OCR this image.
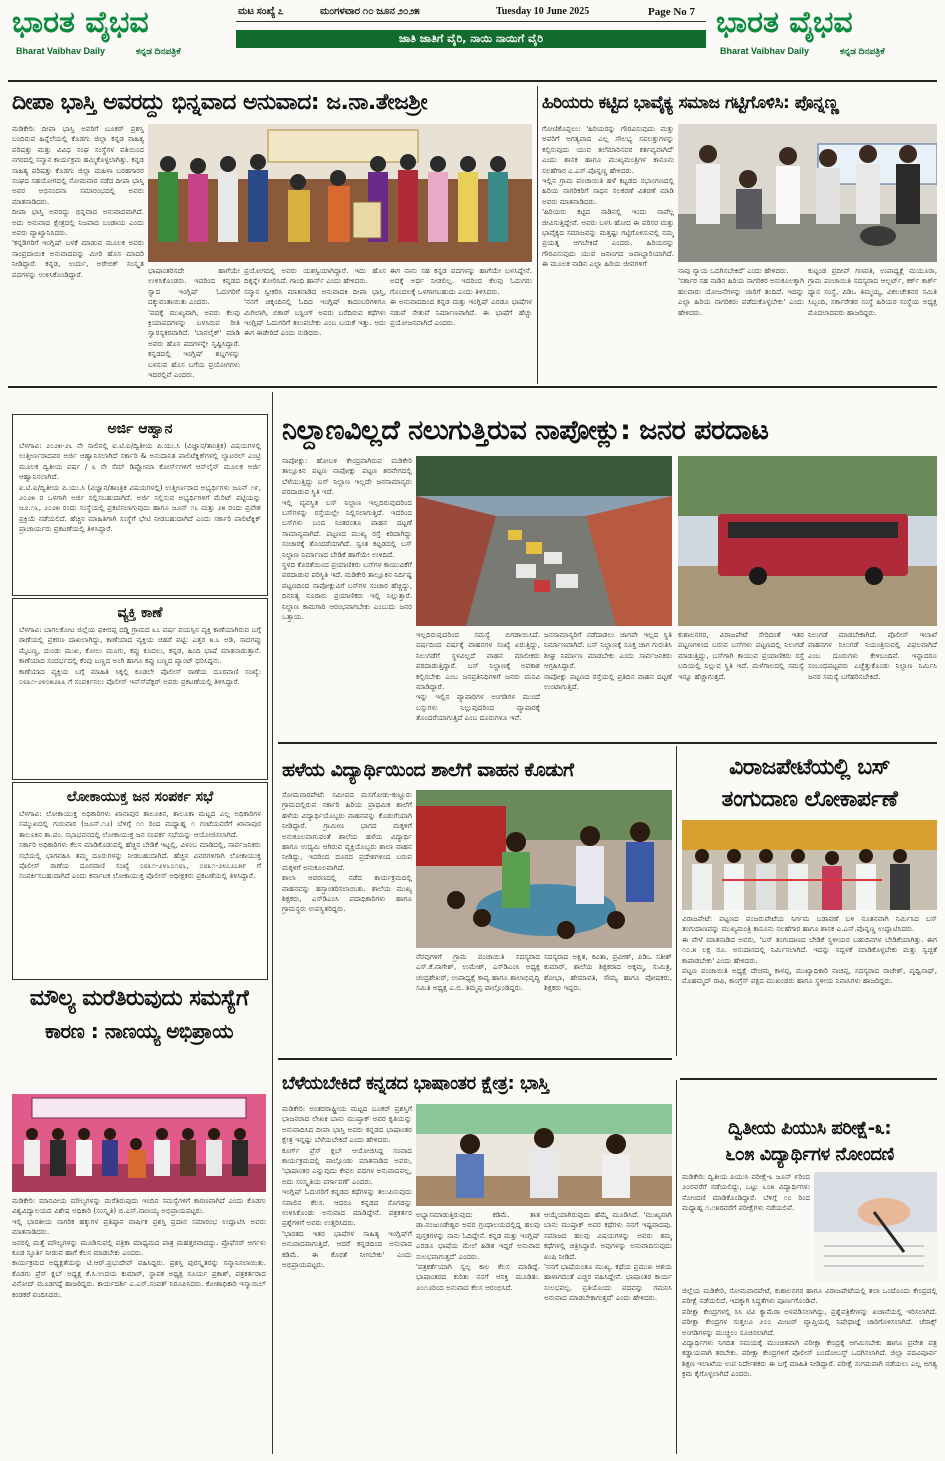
ಭಾರತ ವೈಭವ
Bharat Vaibhav Daily	ಕನ್ನಡ ದಿನಪತ್ರಿಕೆ
ಮಟ ಸಂಖ್ಯೆ ೭	ಮಂಗಳವಾರ ೧೦ ಜೂನ ೨೦೨೫	Tuesday 10 June 2025	Page No 7
ಜಾತಿ ಜಾತಿಗೆ ವೈರಿ, ನಾಯಿ ನಾಯಿಗೆ ವೈರಿ	ಭಾರತ ವೈಭವ
Bharat Vaibhav Daily	ಕನ್ನಡ ದಿನಪತ್ರಿಕೆ
ದೀಪಾ ಭಾಸ್ತಿ ಅವರದ್ದು ಭಿನ್ನವಾದ ಅನುವಾದ: ಜ.ನಾ.ತೇಜಶ್ರೀ
ಮಡಿಕೇರಿ: ದೀಪಾ ಭಾಸ್ತಿ ಅವರಿಗೆ ಬೂಕರ್ ಪ್ರಶಸ್ತಿ ಬಂದಿರುವ ಹಿನ್ನೆಲೆಯಲ್ಲಿ ಕೊಡಗು ಜಿಲ್ಲಾ ಕನ್ನಡ ಸಾಹಿತ್ಯ ಪರಿಷತ್ತು ಮತ್ತು ವಿವಿಧ ಸಂಘ ಸಂಸ್ಥೆಗಳ ವತಿಯಿಂದ ನಗರದಲ್ಲಿ ಸನ್ಮಾನ ಕಾರ್ಯಕ್ರಮ ಹಮ್ಮಿಕೊಳ್ಳಲಾಗಿತ್ತು. ಕನ್ನಡ ಸಾಹಿತ್ಯ ಪರಿಷತ್ತು ಕೊಡಗು ಜಿಲ್ಲಾ ಮಹಿಳಾ ಬರಹಗಾರರ ಸಂಘದ ಸಹಯೋಗದಲ್ಲಿ ಸೋಮವಾರ ನಡೆದ ದೀಪಾ ಭಾಸ್ತಿ ಅವರ ಅಭಿನಂದನಾ ಸಮಾರಂಭದಲ್ಲಿ ಅವರು ಮಾತನಾಡಿದರು.
ದೀಪಾ ಭಾಸ್ತಿ ಅವರದ್ದು ಭಿನ್ನವಾದ ಅನುವಾದವಾಗಿದೆ. ಅದು ಅನುವಾದ ಕ್ಷೇತ್ರದಲ್ಲಿ ನಿಜವಾದ ಬಂಡಾಯ ಎಂದು ಅವರು ವ್ಯಾಖ್ಯಾನಿಸಿದರು.
'ಕನ್ನಡಿಗರಿಗೆ ಇಂಗ್ಲಿಷ್ ಬಳಕೆ ಮಾಡುವ ಮೂಲಕ ಅವರು ಸಾಂಪ್ರದಾಯಿಕ ಅನುವಾದವನ್ನು ಮೀರಿ ಹೊಸ ಮಾದರಿ ನೀಡಿದ್ದಾರೆ. ಕನ್ನಡ, ಉರ್ದು, ಅರೇಬಿಕ್ ಸಂಸ್ಕೃತ ಪದಗಳನ್ನು ಉಳಿಸಿಕೊಂಡಿದ್ದಾರೆ.	ಭಾಷಾಂತರಿಸದೇ ಹಾಗೆಯೇ ಉಳಿಸಿಕೊಂಡರು. ಇದರಿಂದ ಕನ್ನಡದ ಸ್ವಾದ ಇಂಗ್ಲಿಷ್ ಓದುಗರಿಗೆ ದಕ್ಕುವಂತಾಯಿತು ಎಂದರು.
'ಪದಕ್ಕೆ ಮುಖ್ಯವಾಗಿ, ಅವರು ಕೆಲವು ಕ್ರಿಯಾಪದಗಳನ್ನು ಬಳಸಿರುವ ರೀತಿ ಸ್ವಾರಸ್ಯಕರವಾಗಿದೆ. 'ಬಾನಲೈಕ್' ಮಾಡಿ ಅವರು ಹೊಸ ಪದಗಳನ್ನೇ ಸೃಷ್ಟಿಸಿದ್ದಾರೆ. ಕನ್ನಡದಲ್ಲಿ ಇಂಗ್ಲಿಷ್ ಶಬ್ದಗಳನ್ನು ಬಳಸುವ ಹೊಸ ಬಗೆಯ ಪ್ರಯೋಗಗಳು ಇದರಲ್ಲಿವೆ ಎಂದರು.
ಪ್ರಯೋಗದಲ್ಲಿ ಅವರು ಯಶಸ್ವಿಯಾಗಿದ್ದಾರೆ. ಇದು ಹೊಸ ದಿಕ್ಕನ್ನೇ ತೋರಿಸಿದೆ. ಗಾಂಧಿ ಹಾರ್ನ್ ಎಂದು ಹೇಳಿದರು.
ಸನ್ಮಾನ ಸ್ವೀಕರಿಸಿ ಮಾತನಾಡಿದ ಅನುವಾದಕಿ ದೀಪಾ ಭಾಸ್ತಿ, 'ನನಗೆ ಚಿಕ್ಕಂದಿನಲ್ಲಿ ಓದಿದ ಇಂಗ್ಲಿಷ್ ಕಾದಂಬರಿಗಳಿಗೂ ಮಿಗಿಲಾಗಿ, ಬಿಕಾರ್ ಬಸ್ಟಿಂಗ್ ಅವರು ಬರೆದಿರುವ ಕಥೆಗಳು ಇಂಗ್ಲಿಷ್ ಓದುಗರಿಗೆ ತಲುಪಬೇಕು ಎಂಬ ಬಯಕೆ ಇತ್ತು. ಅದು ಈಗ ಈಡೇರಿದೆ ಎಂದು ನುಡಿದರು.
ಈಗ ನಾನು ಸಹ ಕನ್ನಡ ಪದಗಳನ್ನು ಹಾಗೆಯೇ ಬಳಸಿದ್ದೇನೆ. ಅದಕ್ಕೆ ಅರ್ಥ ನೀಡಲಿಲ್ಲ. ಇದರಿಂದ ಕೆಲವು ಓದುಗರು ಗೊಂದಲಕ್ಕೆ ಒಳಗಾಗಬಹುದು ಎಂದು ತಿಳಿಸಿದರು.
ಈ ಅನುವಾದದಿಂದ ಕನ್ನಡ ಮತ್ತು ಇಂಗ್ಲಿಷ್ ಎರಡೂ ಭಾಷೆಗಳ ನಡುವೆ ಸೇತುವೆ ನಿರ್ಮಾಣವಾಗಿದೆ. ಈ ಭಾಷೆಗೆ ಹೆಚ್ಚು ಪ್ರಯೋಜನವಾಗಿದೆ ಎಂದರು.
ಹಿರಿಯರು ಕಟ್ಟಿದ ಭಾವೈಕ್ಯ ಸಮಾಜ ಗಟ್ಟಿಗೊಳಿಸಿ: ಪೊನ್ನಣ್ಣ
ಗೋಣಿಕೊಪ್ಪಲು: 'ಹಿರಿಯರನ್ನು ಗೌರವಿಸುವುದು ಮತ್ತು ಅವರಿಗೆ ಅಗತ್ಯವಾದ ಎಲ್ಲ ಸೌಲಭ್ಯ ಸವಲತ್ತುಗಳನ್ನು ಕಲ್ಪಿಸುವುದು ಯುವ ತಲೆಮಾರಿನವರ ಕರ್ತವ್ಯವಾಗಿದೆ' ಎಂದು ಶಾಸಕ ಹಾಗೂ ಮುಖ್ಯಮಂತ್ರಿಗಳ ಕಾನೂನು ಸಲಹೆಗಾರ ಎ.ಎಸ್.ಪೊನ್ನಣ್ಣ ಹೇಳಿದರು.
ಇಲ್ಲಿನ ಗ್ರಾಮ ಪಂಚಾಯಿತಿ ಹಳೆ ಕಟ್ಟಡದ ಸಭಾಂಗಣದಲ್ಲಿ ಹಿರಿಯ ನಾಗರಿಕರಿಗೆ ಸಾಧನ ಸಲಕರಣೆ ವಿತರಣೆ ಮಾಡಿ ಅವರು ಮಾತನಾಡಿದರು.
'ಹಿರಿಯರು ಕಟ್ಟಿದ ನಾಡಿನಲ್ಲಿ ಇಂದು ನಾವೆಲ್ಲ ಜೀವಿಸುತ್ತಿದ್ದೇವೆ. ಅವರು ಬಳಸಿ ಹೋದ ಈ ಪರಿಸರ ಮತ್ತು ಭಾವೈಕ್ಯದ ಸಮಾಜವನ್ನು ಮತ್ತಷ್ಟು ಗಟ್ಟಿಗೊಳಿಸುವಲ್ಲಿ ನಮ್ಮ ಪ್ರಯತ್ನ ಆಗಬೇಕಿದೆ ಎಂದರು. ಹಿರಿಯರನ್ನು ಗೌರವಿಸುವುದು ಯುವ ಜನಾಂಗದ ಜವಾಬ್ದಾರಿಯಾಗಿದೆ. ಈ ಮೂಲಕ ನಾಡಿನ ಎಲ್ಲಾ ಹಿರಿಯ ಜೀವಗಳಿಗೆ
ನಾವು ನ್ಯಾಯ ಒದಗಿಸಬೇಕಿದೆ' ಎಂದು ಹೇಳಿದರು.
'ಸರ್ಕಾರ ಸಹ ನಾಡಿನ ಹಿರಿಯ ನಾಗರಿಕರ ಅನುಕೂಲಕ್ಕಾಗಿ ಹಲವಾರು ಯೋಜನೆಗಳನ್ನು ಜಾರಿಗೆ ತಂದಿದೆ. ಇದನ್ನು ಎಲ್ಲಾ ಹಿರಿಯ ನಾಗರಿಕರು ಪಡೆದುಕೊಳ್ಳಬೇಕು' ಎಂದು ಹೇಳಿದರು.
ಕುಟ್ಟಂಡ ಪ್ರದೀಪ್ ಗಣಪತಿ, ಉಪಾಧ್ಯಕ್ಷೆ ಮಯೂರಾ, ಗ್ರಾಮ ಪಂಚಾಯಿತಿ ಸದಸ್ಯರಾದ ಆಲ್ಬರ್ಟ್, ಕರ್ಕ್ ಕಾರ್ಕ್ ಧ್ಯಾನ ಸಂಸ್ಥೆ, ಪಿಡಿಒ ತಿಮ್ಮಯ್ಯ, ವಿಕಲಚೇತನರ ಸಮಿತಿ ಸಿಬ್ಬಂದಿ, ಸರ್ಕಾರೇತರ ಸಂಸ್ಥೆ ಹಿರಿಯರ ಸಂಸ್ಥೆಯ ಅಧ್ಯಕ್ಷ ಮೊದಲಾದವರು ಹಾಜರಿದ್ದರು.
ಅರ್ಜಿ ಆಹ್ವಾನ
ಬೆಳಗಾವಿ: ೨೦೨೫-೨೬ ನೇ ಸಾಲಿನಲ್ಲಿ ಐ.ಟಿ.ಐ/ದ್ವಿತೀಯ ಪಿ.ಯು.ಸಿ (ವಿಜ್ಞಾನ/ತಾಂತ್ರಿಕ) ವಿಷಯಗಳಲ್ಲಿ ಉತ್ತೀರ್ಣರಾದವರ ಅರ್ಜಿ ಆಹ್ವಾನಿಸಲಾಗಿದೆ ಸರ್ಕಾರಿ & ಅನುದಾನಿತ ಪಾಲಿಟೆಕ್ನಿಕ್‍ಗಳಲ್ಲಿ ಲ್ಯಾಟರಲ್ ಎಂಟ್ರಿ ಮೂಲಕ ದ್ವಿತೀಯ ವರ್ಷ / ೩ ನೇ ಸೆಮ್ ಡಿಪ್ಲೋಮಾ ಕೋರ್ಸ್‍ಗಳಿಗೆ ಆನ್‍ಲೈನ್ ಮೂಲಕ ಅರ್ಜಿ ಆಹ್ವಾನಿಸಲಾಗಿದೆ.
ಐ.ಟಿ.ಐ/ದ್ವಿತೀಯ ಪಿ.ಯು.ಸಿ (ವಿಜ್ಞಾನ/ತಾಂತ್ರಿಕ ವಿಷಯಗಳಲ್ಲಿ) ಉತ್ತೀರ್ಣರಾದ ಅಭ್ಯರ್ಥಿಗಳು ಜೂನ್ ೧೯, ೨೦೨೫ ರ ಒಳಗಾಗಿ ಅರ್ಜಿ ಸಲ್ಲಿಸಬಹುದಾಗಿದೆ. ಅರ್ಜಿ ಸಲ್ಲಿಸುವ ಅಭ್ಯರ್ಥಿಗಳಿಗೆ ಮೆರಿಟ್ ಪಟ್ಟಿಯನ್ನು ಜೂ.೧೬, ೨೦೨೫ ರಂದು ಸಂಸ್ಥೆಯಲ್ಲಿ ಪ್ರಕಟಿಸಲಾಗುವುದು ಹಾಗೂ ಜೂನ್ ೧೬ ಮತ್ತು ೨೫ ರಂದು ಪ್ರವೇಶ ಪ್ರಕ್ರಿಯೆ ನಡೆಯಲಿದೆ. ಹೆಚ್ಚಿನ ಮಾಹಿತಿಗಾಗಿ ಸಂಸ್ಥೆಗೆ ಭೇಟಿ ನೀಡಬಹುದಾಗಿದೆ ಎಂದು ಸರ್ಕಾರಿ ಪಾಲಿಟೆಕ್ನಿಕ್ ಪ್ರಾಚಾರ್ಯರು ಪ್ರಕಟಣೆಯಲ್ಲಿ ತಿಳಿಸಿದ್ದಾರೆ.
ವ್ಯಕ್ತಿ ಕಾಣೆ
ಬೆಳಗಾವಿ: ಬಾಗಲಕೋಟ ಜಿಲ್ಲೆಯ ಫಕೀರಪ್ಪ ದಡ್ಡಿ ಗ್ರಾಮದ ೩೭ ವರ್ಷ ವಯಸ್ಸಿನ ವ್ಯಕ್ತಿ ಕಾಣೆಯಾಗಿರುವ ಬಗ್ಗೆ ಠಾಣೆಯಲ್ಲಿ ಪ್ರಕರಣ ದಾಖಲಾಗಿದ್ದು, ಕಾಣೆಯಾದ ವ್ಯಕ್ತಿಯ ಚಹರೆ ಪಟ್ಟಿ: ಎತ್ತರ ೫.೬ ಅಡಿ, ಸಾದಗಪ್ಪು ಮೈಬಣ್ಣ, ದುಂಡು ಮುಖ, ಕೋಲು ಮೂಗು, ಕಪ್ಪು ಕೂದಲು, ಕನ್ನಡ, ಹಿಂದಿ ಭಾಷೆ ಮಾತನಾಡುತ್ತಾನೆ. ಕಾಣೆಯಾದ ಸಂದರ್ಭದಲ್ಲಿ ಕೆಂಪು ಬಣ್ಣದ ಅಂಗಿ ಹಾಗೂ ಕಪ್ಪು ಬಣ್ಣದ ಪ್ಯಾಂಟ್ ಧರಿಸಿದ್ದನು.
ಕಾಣೆಯಾದ ವ್ಯಕ್ತಿಯ ಬಗ್ಗೆ ಮಾಹಿತಿ ಸಿಕ್ಕಲ್ಲಿ ಕೂಡಲೇ ಪೊಲೀಸ್ ಠಾಣೆಯ ದೂರವಾಣಿ ಸಂಖ್ಯೆ: ೦೮೩೧-೨೪೦೫೨೩೩ ಗೆ ಸಂಪರ್ಕಿಸಲು ಪೊಲೀಸ್ ಇನ್ಸ್‍ಪೆಕ್ಟರ್ ಅವರು ಪ್ರಕಟಣೆಯಲ್ಲಿ ತಿಳಿಸಿದ್ದಾರೆ.
ಲೋಕಾಯುಕ್ತ ಜನ ಸಂಪರ್ಕ ಸಭೆ
ಬೆಳಗಾವಿ: ಲೋಕಾಯುಕ್ತ ಅಧಿಕಾರಿಗಳು ಖಾನಾಪುರ ತಾಲೂಕಿನ, ತಾಲೂಕಾ ಮಟ್ಟದ ಎಲ್ಲ ಅಧಿಕಾರಿಗಳ ಸಮ್ಮುಖದಲ್ಲಿ ಗುರುವಾರ (ಜೂನ್.೧೨) ಬೆಳಿಗ್ಗೆ ೧೧ ರಿಂದ ಮಧ್ಯಾಹ್ನ ೧ ಗಂಟೆಯವರೆಗೆ ಖಾನಾಪುರ ತಾಲೂಕಿನ ತಾ.ಪಂ. ಸಭಾಭವನದಲ್ಲಿ ಲೋಕಾಯುಕ್ತ ಜನ ಸಂಪರ್ಕ ಸಭೆಯನ್ನು ಆಯೋಜಿಸಲಾಗಿದೆ.
ಸರ್ಕಾರಿ ಅಧಿಕಾರಿಗಳು ಕೆಲಸ ಮಾಡಿಕೊಡುವಲ್ಲಿ ಹೆಚ್ಚಿನ ಬೇಡಿಕೆ ಇಟ್ಟಲ್ಲಿ, ವಿಳಂಬ ಮಾಡಿದಲ್ಲಿ, ಸಾರ್ವಜನಿಕರು ಸಭೆಯಲ್ಲಿ ಭಾಗವಹಿಸಿ ತಮ್ಮ ದೂರುಗಳನ್ನು ನೀಡಬಹುದಾಗಿದೆ. ಹೆಚ್ಚಿನ ವಿವರಗಳಿಗಾಗಿ ಲೋಕಾಯುಕ್ತ ಪೊಲೀಸ್ ಠಾಣೆಯ ದೂರವಾಣಿ ಸಂಖ್ಯೆ ೦೮೩೧-೨೪೬೦೧೮೬, ೦೮೩೧-೨೪೭೨೭೫೯ ಗೆ ಸಂಪರ್ಕಿಸಬಹುದಾಗಿದೆ ಎಂದು ಕರ್ನಾಟಕ ಲೋಕಾಯುಕ್ತ ಪೊಲೀಸ್ ಅಧೀಕ್ಷಕರು ಪ್ರಕಟಣೆಯಲ್ಲಿ ತಿಳಿಸಿದ್ದಾರೆ.
ಮೌಲ್ಯ ಮರೆತಿರುವುದು ಸಮಸ್ಯೆಗೆ
ಕಾರಣ : ನಾಣಯ್ಯ ಅಭಿಪ್ರಾಯ
ಮಡಿಕೇರಿ: ಮಾನವೀಯ ಮೌಲ್ಯಗಳನ್ನು ಮರೆತಿರುವುದು ಇಂದಿನ ಸಮಸ್ಯೆಗಳಿಗೆ ಕಾರಣವಾಗಿದೆ ಎಂದು ಕೊಡಗು ವಿಶ್ವವಿದ್ಯಾಲಯದ ವಿಶೇಷ ಅಧಿಕಾರಿ (ಸಂಸ್ಕೃತಿ) ಬಿ.ಎಸ್.ನಾಣಯ್ಯ ಅಭಿಪ್ರಾಯಪಟ್ಟರು.
ಇಲ್ಲಿ ಭಾರತೀಯ ನಾಗರಿಕ ಹಕ್ಕುಗಳ ಪ್ರತಿಷ್ಠಾನ ವಾರ್ಷಿಕ ಪ್ರಶಸ್ತಿ ಪ್ರದಾನ ಸಮಾರಂಭ ಉದ್ಘಾಟಿಸಿ ಅವರು ಮಾತನಾಡಿದರು.
ಜನರಲ್ಲಿ ಮತ್ತೆ ಮೌಲ್ಯಗಳನ್ನು ಮೂಡಿಸುವಲ್ಲಿ ಪತ್ರಿಕಾ ಮಾಧ್ಯಮದ ಪಾತ್ರ ಮಹತ್ತರವಾದದ್ದು. ಪ್ರೊಫೆಸರ್ ಆರ್ಗಳು ಕೂಡ ಸ್ಫೂರ್ತಿ ನೀಡುವ ಹಾಗೆ ಕೆಲಸ ಮಾಡಬೇಕು ಎಂದರು.
ಕಾರ್ಯಕ್ರಮದ ಅಧ್ಯಕ್ಷತೆಯನ್ನು ಟಿ.ಆರ್.ಪ್ರಭುದೇವ್ ವಹಿಸಿದ್ದರು. ಪ್ರಶಸ್ತಿ ಪುರಸ್ಕೃತರನ್ನು ಸನ್ಮಾನಿಸಲಾಯಿತು. ಕೊಡಗು ಪ್ರೆಸ್ ಕ್ಲಬ್ ಅಧ್ಯಕ್ಷ ಕೆ.ಸಿ.ಉದಯ ಕುಮಾರ್, ಸ್ಥಾಪಕ ಅಧ್ಯಕ್ಷ ಸೂರ್ಯ ಪ್ರಕಾಶ್, ಪತ್ರಕರ್ತರಾದ ವಿನೋದ್ ಮೂಡಗದ್ದೆ ಹಾಜರಿದ್ದರು. ಕಾರ್ಯದರ್ಶಿ ಎ.ಎಸ್.ಸಂಪತ್ ನಿರೂಪಿಸಿದರು. ಕೋಶಾಧಿಕಾರಿ ಇಸ್ಮಾಯಿಲ್ ಕಂಡಕರೆ ವಂದಿಸಿದರು.
ನಿಲ್ದಾಣವಿಲ್ಲದೆ ನಲುಗುತ್ತಿರುವ ನಾಪೋಕ್ಲು: ಜನರ ಪರದಾಟ
ನಾಪೋಕ್ಲು: ಹೋಬಳಿ ಕೇಂದ್ರವಾಗಿರುವ ಮಡಿಕೇರಿ ತಾಲ್ಲೂಕಿನ ಪಟ್ಟಣ ನಾಪೋಕ್ಲು ಪಟ್ಟಣ ಶರವೇಗದಲ್ಲಿ ಬೆಳೆಯುತ್ತಿದ್ದು ಬಸ್ ನಿಲ್ದಾಣ ಇಲ್ಲದೇ ಜನಸಾಮಾನ್ಯರು ಪರದಾಡುವ ಸ್ಥಿತಿ ಇದೆ.
ಇಲ್ಲಿ ವ್ಯವಸ್ಥಿತ ಬಸ್ ನಿಲ್ದಾಣ ಇಲ್ಲದಿರುವುದರಿಂದ ಬಸ್‍ಗಳನ್ನು ರಸ್ತೆಯಲ್ಲೇ ನಿಲ್ಲಿಸಲಾಗುತ್ತಿದೆ. ಇದರಿಂದ ಬಸ್‍ಗಳು ಬಂದ ನಿಂತರಂತೂ ವಾಹನ ದಟ್ಟಣೆ ಸಾಮಾನ್ಯವಾಗಿದೆ. ಪಟ್ಟಣದ ಮುಖ್ಯ ರಸ್ತೆ ಕಿರಿದಾಗಿದ್ದು ಸಂಚಾರಕ್ಕೆ ತೊಂದರೆಯಾಗಿದೆ. ಸ್ವಂತ ಕಟ್ಟಡದಲ್ಲಿ ಬಸ್ ನಿಲ್ದಾಣ ನಿರ್ಮಾಣದ ಬೇಡಿಕೆ ಹಾಗೆಯೇ ಉಳಿದಿದೆ.
ಸ್ಥಳದ ಕೊರತೆಯಿಂದ ಪ್ರಯಾಣಿಕರು ಬಸ್‍ಗಳ ಕಾಯುವಿಕೆಗೆ ಪರದಾಡುವ ಪರಿಸ್ಥಿತಿ ಇದೆ. ಮಡಿಕೇರಿ ತಾಲ್ಲೂಕಿನ ನಿರ್ದಿಷ್ಟ ಪಟ್ಟಣದಿಂದ ನಾಪೋಕ್ಲುವಿಗೆ ಬಸ್‍ಗಳ ಸಂಚಾರ ಹೆಚ್ಚಿದ್ದು, ದಿನನಿತ್ಯ ನೂರಾರು ಪ್ರಯಾಣಿಕರು ಇಲ್ಲಿ ನಿಲ್ಲುತ್ತಾರೆ. ನಿಲ್ದಾಣ ಕಾಮಗಾರಿ ಆರಂಭವಾಗಬೇಕು ಎಂಬುದು ಜನರ ಒತ್ತಾಯ.
ಇಲ್ಲದಿರುವುದರಿಂದ ಸಮಸ್ಯೆ ಬಿಗಡಾಯಿಸಿದೆ. ವರ್ಷದಿಂದ ವರ್ಷಕ್ಕೆ ವಾಹನಗಳ ಸಂಖ್ಯೆ ಏರುತ್ತಿದ್ದು, ನಿಲುಗಡೆಗೆ ಸ್ಥಳವಿಲ್ಲದೆ ವಾಹನ ಮಾಲೀಕರು ಪರದಾಡುತ್ತಿದ್ದಾರೆ. ಬಸ್ ನಿಲ್ದಾಣಕ್ಕೆ ಅವಕಾಶ ಕಲ್ಪಿಸಬೇಕು ಎಂಬ ಜನಪ್ರತಿನಿಧಿಗಳಿಗೆ ಜನರು ಮನವಿ ಮಾಡಿದ್ದಾರೆ.
ಇನ್ನು ಇಲ್ಲಿನ ವ್ಯಾಪಾರಿಗಳ ಅಂಗಡಿಗಳ ಮುಂದೆ ಬಸ್ಸುಗಳು ನಿಲ್ಲುವುದರಿಂದ ವ್ಯಾಪಾರಕ್ಕೆ ತೊಂದರೆಯಾಗುತ್ತಿದೆ ಎಂಬ ದೂರುಗಳೂ ಇವೆ.
ಜನಸಾಮಾನ್ಯರಿಗೆ ನಡೆದಾಡಲು ಜಾಗವೇ ಇಲ್ಲದ ಸ್ಥಿತಿ ನಿರ್ಮಾಣವಾಗಿದೆ. ಬಸ್ ನಿಲ್ದಾಣಕ್ಕೆ ಸೂಕ್ತ ಜಾಗ ಗುರುತಿಸಿ ಶೀಘ್ರ ನಿರ್ಮಾಣ ಮಾಡಬೇಕು ಎಂದು ಸಾರ್ವಜನಿಕರು ಆಗ್ರಹಿಸಿದ್ದಾರೆ.
ನಾಪೋಕ್ಲು ಪಟ್ಟಣದ ರಸ್ತೆಯಲ್ಲಿ ಪ್ರತಿದಿನ ವಾಹನ ದಟ್ಟಣೆ ಉಂಟಾಗುತ್ತಿದೆ.
ಕುಶಾಲನಗರ, ವಿರಾಜಪೇಟೆ ಸೇರಿದಂತೆ ಇತರ ಪಟ್ಟಣಗಳಿಂದ ಬರುವ ಬಸ್‍ಗಳು ಪಟ್ಟಣದಲ್ಲಿ ನಿಲುಗಡೆ ಮಾಡುತ್ತಿದ್ದು, ಬಸ್‍ಗಾಗಿ ಕಾಯುವ ಪ್ರಯಾಣಿಕರು ರಸ್ತೆ ಬದಿಯಲ್ಲಿ ನಿಲ್ಲುವ ಸ್ಥಿತಿ ಇದೆ. ಮಳೆಗಾಲದಲ್ಲಿ ಸಮಸ್ಯೆ ಇನ್ನೂ ಹೆಚ್ಚಾಗುತ್ತದೆ.
ನಿಲುಗಡೆ ಮಾಡಬೇಕಾಗಿದೆ. ಪೊಲೀಸ್ ಇಲಾಖೆ ವಾಹನಗಳ ನಿಲುಗಡೆ ನಿಯಂತ್ರಿಸುವಲ್ಲಿ ವಿಫಲವಾಗಿದೆ ಎಂಬ ದೂರುಗಳು ಕೇಳಿಬಂದಿವೆ. ಇನ್ನಾದರೂ ಸಂಬಂಧಪಟ್ಟವರು ಎಚ್ಚೆತ್ತುಕೊಂಡು ನಿಲ್ದಾಣ ನಿರ್ಮಿಸಿ ಜನರ ಸಮಸ್ಯೆ ಬಗೆಹರಿಸಬೇಕಿದೆ.
ಹಳೆಯ ವಿದ್ಯಾರ್ಥಿಯಿಂದ ಶಾಲೆಗೆ ವಾಹನ ಕೊಡುಗೆ
ಸೋಮವಾರಪೇಟೆ: ಸಮೀಪದ ಮಸಗೋಡು-ಕಣ್ಣೂರು ಗ್ರಾಮದಲ್ಲಿರುವ ಸರ್ಕಾರಿ ಹಿರಿಯ ಪ್ರಾಥಮಿಕ ಶಾಲೆಗೆ ಹಳೆಯ ವಿದ್ಯಾರ್ಥಿಯೊಬ್ಬರು ವಾಹನವನ್ನು ಕೊಡುಗೆಯಾಗಿ ನೀಡಿದ್ದಾರೆ. ಗ್ರಾಮೀಣ ಭಾಗದ ಮಕ್ಕಳಿಗೆ ಅನುಕೂಲವಾಗುವಂತೆ ಶಾಲೆಯ ಹಳೆಯ ವಿದ್ಯಾರ್ಥಿ ಹಾಗೂ ಉದ್ಯಮಿ ಆಗಿರುವ ವ್ಯಕ್ತಿಯೊಬ್ಬರು ಶಾಲಾ ವಾಹನ ನೀಡಿದ್ದು, ಇದರಿಂದ ದೂರದ ಪ್ರದೇಶಗಳಿಂದ ಬರುವ ಮಕ್ಕಳಿಗೆ ಅನುಕೂಲವಾಗಿದೆ.
ಶಾಲಾ ಆವರಣದಲ್ಲಿ ನಡೆದ ಕಾರ್ಯಕ್ರಮದಲ್ಲಿ ವಾಹನವನ್ನು ಹಸ್ತಾಂತರಿಸಲಾಯಿತು. ಶಾಲೆಯ ಮುಖ್ಯ ಶಿಕ್ಷಕರು, ಎಸ್‍ಡಿಎಂಸಿ ಪದಾಧಿಕಾರಿಗಳು ಹಾಗೂ ಗ್ರಾಮಸ್ಥರು ಉಪಸ್ಥಿತರಿದ್ದರು.
ನೆರವುಗಳಿಗೆ ಗ್ರಾಮ ಪಂಚಾಯಿತಿ ಸದಸ್ಯರಾದ ಎಸ್.ಕೆ.ನಾಗೇಶ್, ಉಮೇಶ್, ಎಸ್‍ಡಿಎಂಸಿ ಅಧ್ಯಕ್ಷ ಚಂದ್ರಶೇಖರ್, ಉಪಾಧ್ಯಕ್ಷೆ ಕಾವ್ಯ ಹಾಗೂ ಶಾಲಾಭಿವೃದ್ಧಿ ಸಮಿತಿ ಅಧ್ಯಕ್ಷ ಎ.ಬಿ. ತಿಮ್ಮಪ್ಪ ಪಾಲ್ಗೊಂಡಿದ್ದರು.
ಸದಸ್ಯರಾದ ಅಕ್ಷಿತ, ಕವಿತಾ, ಪ್ರವೀಣ್, ಪಿಡಿಒ ಸತೀಶ್ ಕುಮಾರ್, ಶಾಲೆಯ ಶಿಕ್ಷಕರಾದ ಅಕ್ಕಮ್ಮ, ಸುಮಿತ್ರ, ಶೋಭಾ, ಹೇಮಾವತಿ, ಸೌಮ್ಯ ಹಾಗೂ ಪೋಷಕರು, ಶಿಕ್ಷಕರು ಇದ್ದರು.
ವಿರಾಜಪೇಟೆಯಲ್ಲಿ ಬಸ್
ತಂಗುದಾಣ ಲೋಕಾರ್ಪಣೆ
ವಿರಾಜಪೇಟೆ: ಪಟ್ಟಣದ ಪಂಜರುಪೇಟೆಯ ನಿರ್ಗಮ ಬಡಾವಣೆ ಬಳಿ ನೂತನವಾಗಿ ನಿರ್ಮಿಸಿದ ಬಸ್ ತಂಗುದಾಣವನ್ನು ಮುಖ್ಯಮಂತ್ರಿ ಕಾನೂನು ಸಲಹೆಗಾರ ಹಾಗೂ ಶಾಸಕ ಎ.ಎಸ್.ಪೊನ್ನಣ್ಣ ಉದ್ಘಾಟಿಸಿದರು.
ಈ ವೇಳೆ ಮಾತನಾಡಿದ ಅವರು, 'ಬಸ್ ತಂಗುದಾಣದ ಬೇಡಿಕೆ ಸ್ಥಳೀಯರ ಬಹುದಿನಗಳ ಬೇಡಿಕೆಯಾಗಿತ್ತು. ಈಗ ೧೦.೫ ಲಕ್ಷ ರೂ. ಅನುದಾನದಲ್ಲಿ ನಿರ್ಮಿಸಲಾಗಿದೆ. ಇದನ್ನು ಸದ್ಬಳಕೆ ಮಾಡಿಕೊಳ್ಳಬೇಕು ಮತ್ತು ಸ್ವಚ್ಛತೆ ಕಾಪಾಡಬೇಕು' ಎಂದು ಹೇಳಿದರು.
ಪಟ್ಟಣ ಪಂಚಾಯಿತಿ ಅಧ್ಯಕ್ಷೆ ದೇಚಮ್ಮ ಕಾಳಪ್ಪ, ಮುಖ್ಯಾಧಿಕಾರಿ ನಾಚಪ್ಪ, ಸದಸ್ಯರಾದ ರಾಜೇಶ್, ಪೃಥ್ವಿನಾಥ್, ಮೊಹಮ್ಮದ್ ರಾಫಿ, ಕಾಂಗ್ರೆಸ್ ಪಕ್ಷದ ಮುಖಂಡರು ಹಾಗೂ ಸ್ಥಳೀಯ ನಿವಾಸಿಗಳು ಹಾಜರಿದ್ದರು.
ಬೆಳೆಯಬೇಕಿದೆ ಕನ್ನಡದ ಭಾಷಾಂತರ ಕ್ಷೇತ್ರ: ಭಾಸ್ತಿ
ಮಡಿಕೇರಿ: ಅಂತರರಾಷ್ಟ್ರೀಯ ಮಟ್ಟದ ಬೂಕರ್ ಪ್ರಶಸ್ತಿಗೆ ಭಾಜನರಾದ ಲೇಖಕಿ ಬಾನು ಮುಷ್ತಾಕ್ ಅವರ ಕೃತಿಯನ್ನು ಅನುವಾದಿಸಿದ ದೀಪಾ ಭಾಸ್ತಿ ಅವರು ಕನ್ನಡದ ಭಾಷಾಂತರ ಕ್ಷೇತ್ರ ಇನ್ನಷ್ಟು ಬೆಳೆಯಬೇಕಿದೆ ಎಂದು ಹೇಳಿದರು.
ಕೂರ್ಗ್ ಪ್ರೆಸ್ ಕ್ಲಬ್ ಆಯೋಜಿಸಿದ್ದ ಸಂವಾದ ಕಾರ್ಯಕ್ರಮದಲ್ಲಿ ಪಾಲ್ಗೊಂಡು ಮಾತನಾಡಿದ ಅವರು, 'ಭಾಷಾಂತರ ಎನ್ನುವುದು ಕೇವಲ ಪದಗಳ ಅನುವಾದವಲ್ಲ, ಅದು ಸಂಸ್ಕೃತಿಯ ವರ್ಗಾವಣೆ' ಎಂದರು.
ಇಂಗ್ಲಿಷ್ ಓದುಗರಿಗೆ ಕನ್ನಡದ ಕಥೆಗಳನ್ನು ತಲುಪಿಸುವುದು ಸವಾಲಿನ ಕೆಲಸ. ಆದರೂ ಕನ್ನಡದ ಸೊಗಡನ್ನು ಉಳಿಸಿಕೊಂಡು ಅನುವಾದ ಮಾಡಿದ್ದೇನೆ. ಪತ್ರಕರ್ತರ ಪ್ರಶ್ನೆಗಳಿಗೆ ಅವರು ಉತ್ತರಿಸಿದರು.
'ಭಾರತದ ಇತರ ಭಾಷೆಗಳ ಸಾಹಿತ್ಯ ಇಂಗ್ಲಿಷ್‍ಗೆ ಅನುವಾದವಾಗುತ್ತಿದೆ. ಆದರೆ ಕನ್ನಡದಿಂದ ಅನುವಾದ ಕಡಿಮೆ. ಈ ಕೊರತೆ ನೀಗಬೇಕು' ಎಂದು ಅಭಿಪ್ರಾಯಪಟ್ಟರು.
ಅಭ್ಯಾಸಮಾಡುತ್ತಿರುವುದು ಕಡಿಮೆ. ತಾತ ಡಾ.ನಂಜುಂಡೇಶ್ವರ ಅವರ ಗ್ರಂಥಾಲಯದಲ್ಲಿದ್ದ ಹಲವು ಪುಸ್ತಕಗಳನ್ನು ನಾನು ಓದಿದ್ದೇನೆ. ಕನ್ನಡ ಮತ್ತು ಇಂಗ್ಲಿಷ್ ಎರಡೂ ಭಾಷೆಯ ಮೇಲೆ ಹಿಡಿತ ಇದ್ದರೆ ಅನುವಾದ ಸುಲಭವಾಗುತ್ತದೆ' ಎಂದರು.
'ಪತ್ರಕರ್ತೆಯಾಗಿ ಸ್ವಲ್ಪ ಕಾಲ ಕೆಲಸ ಮಾಡಿದ್ದೆ. ಭಾಷಾಂತರದ ಕುರಿತು ನನಗೆ ಆಸಕ್ತಿ ಮೂಡಿತು. ೨೦೧೨ರಿಂದ ಅನುವಾದ ಕೆಲಸ ಆರಂಭಿಸಿದೆ.
ಆಯ್ಕೆಯಾಗಿರುವುದು ಹೆಮ್ಮೆ ಮೂಡಿಸಿದೆ. 'ಮುಖ್ಯವಾಗಿ ಬಾನು ಮುಷ್ತಾಕ್ ಅವರ ಕಥೆಗಳು ನನಗೆ ಇಷ್ಟವಾದವು. ಸಮಾಜದ ಹಲವು ವಿಷಯಗಳನ್ನು ಅವರು ತಮ್ಮ ಕಥೆಗಳಲ್ಲಿ ಚಿತ್ರಿಸಿದ್ದಾರೆ. ಅವುಗಳನ್ನು ಅನುವಾದಿಸುವುದು ಖುಷಿ ನೀಡಿದೆ.
'ನನಗೆ ಭಾಷೆಯಂತೂ ಮುಖ್ಯ. ಕಥೆಯ ಪ್ರಮುಖ ಆಶಯ ಹಾಳಾಗದಂತೆ ಎಚ್ಚರ ವಹಿಸಿದ್ದೇನೆ. ಭಾಷಾಂತರ ಕಾರ್ಯ ಸುಲಭವಲ್ಲ. ಪ್ರತಿಯೊಂದು ಪದವನ್ನು ಗಮನಿಸಿ ಅನುವಾದ ಮಾಡಬೇಕಾಗುತ್ತದೆ' ಎಂದು ಹೇಳಿದರು.
ದ್ವಿತೀಯ ಪಿಯುಸಿ ಪರೀಕ್ಷೆ-೩:
೬೦೫ ವಿದ್ಯಾರ್ಥಿಗಳ ನೋಂದಣಿ
ಮಡಿಕೇರಿ: ದ್ವಿತೀಯ ಪಿಯುಸಿ ಪರೀಕ್ಷೆ-೩ ಜೂನ್ ೯ರಿಂದ ೨೦ರವರೆಗೆ ನಡೆಯಲಿದ್ದು, ಒಟ್ಟು ೬೦೫ ವಿದ್ಯಾರ್ಥಿಗಳು ನೋಂದಣಿ ಮಾಡಿಕೊಂಡಿದ್ದಾರೆ. ಬೆಳಿಗ್ಗೆ ೧೦ ರಿಂದ ಮಧ್ಯಾಹ್ನ ೧.೧೫ರವರೆಗೆ ಪರೀಕ್ಷೆಗಳು ನಡೆಯಲಿವೆ.
ಜಿಲ್ಲೆಯ ಮಡಿಕೇರಿ, ಸೋಮವಾರಪೇಟೆ, ಕುಶಾಲನಗರ ಹಾಗೂ ವಿರಾಜಪೇಟೆಯಲ್ಲಿ ತಲಾ ಒಂದೊಂದು ಕೇಂದ್ರದಲ್ಲಿ ಪರೀಕ್ಷೆ ನಡೆಯಲಿದೆ. ಇದಕ್ಕಾಗಿ ಸಿದ್ಧತೆಗಳು ಪೂರ್ಣಗೊಂಡಿವೆ.
ಪರೀಕ್ಷಾ ಕೇಂದ್ರಗಳಲ್ಲಿ ಸಿಸಿ ಟಿವಿ ಕ್ಯಾಮೆರಾ ಅಳವಡಿಸಲಾಗಿದ್ದು, ಪ್ರಶ್ನೆಪತ್ರಿಕೆಗಳನ್ನು ಖಜಾನೆಯಲ್ಲಿ ಇರಿಸಲಾಗಿದೆ. ಪರೀಕ್ಷಾ ಕೇಂದ್ರಗಳ ಸುತ್ತಲೂ ೨೦೦ ಮೀಟರ್ ವ್ಯಾಪ್ತಿಯಲ್ಲಿ ನಿಷೇಧಾಜ್ಞೆ ಜಾರಿಗೊಳಿಸಲಾಗಿದೆ. ಜೆರಾಕ್ಸ್ ಅಂಗಡಿಗಳನ್ನು ಮುಚ್ಚಲು ಸೂಚಿಸಲಾಗಿದೆ.
ವಿದ್ಯಾರ್ಥಿಗಳು ನಿಗದಿತ ಸಮಯಕ್ಕೆ ಮುಂಚಿತವಾಗಿ ಪರೀಕ್ಷಾ ಕೇಂದ್ರಕ್ಕೆ ಆಗಮಿಸಬೇಕು ಹಾಗೂ ಪ್ರವೇಶ ಪತ್ರ ಕಡ್ಡಾಯವಾಗಿ ತರಬೇಕು. ಪರೀಕ್ಷಾ ಕೇಂದ್ರಗಳಿಗೆ ಪೊಲೀಸ್ ಬಂದೋಬಸ್ತ್ ಒದಗಿಸಲಾಗಿದೆ. ಜಿಲ್ಲಾ ಪದವಿಪೂರ್ವ ಶಿಕ್ಷಣ ಇಲಾಖೆಯ ಉಪ ನಿರ್ದೇಶಕರು ಈ ಬಗ್ಗೆ ಮಾಹಿತಿ ನೀಡಿದ್ದಾರೆ. ಪರೀಕ್ಷೆ ಸುಗಮವಾಗಿ ನಡೆಯಲು ಎಲ್ಲ ಅಗತ್ಯ ಕ್ರಮ ಕೈಗೊಳ್ಳಲಾಗಿದೆ ಎಂದರು.
